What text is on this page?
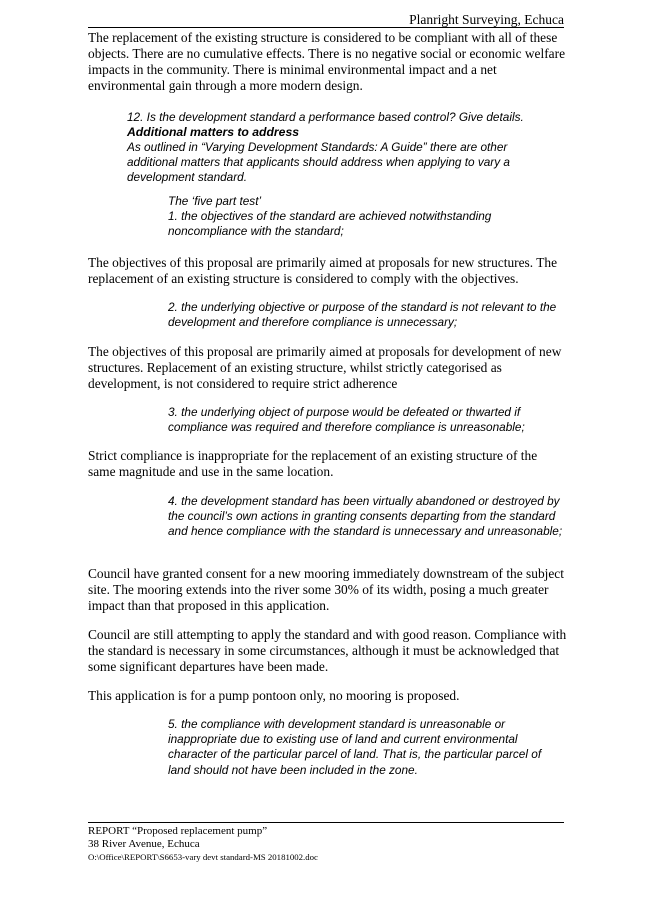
Planright Surveying, Echuca

The replacement of the existing structure is considered to be compliant with all of these objects. There are no cumulative effects. There is no negative social or economic welfare impacts in the community. There is minimal environmental impact and a net environmental gain through a more modern design.

12. Is the development standard a performance based control? Give details.

Additional matters to address

As outlined in “Varying Development Standards: A Guide” there are other additional matters that applicants should address when applying to vary a development standard.

The ‘five part test’

1. the objectives of the standard are achieved notwithstanding noncompliance with the standard;

The objectives of this proposal are primarily aimed at proposals for new structures. The replacement of an existing structure is considered to comply with the objectives.

2. the underlying objective or purpose of the standard is not relevant to the development and therefore compliance is unnecessary;

The objectives of this proposal are primarily aimed at proposals for development of new structures. Replacement of an existing structure, whilst strictly categorised as development, is not considered to require strict adherence

3. the underlying object of purpose would be defeated or thwarted if compliance was required and therefore compliance is unreasonable;

Strict compliance is inappropriate for the replacement of an existing structure of the same magnitude and use in the same location.

4. the development standard has been virtually abandoned or destroyed by the council’s own actions in granting consents departing from the standard and hence compliance with the standard is unnecessary and unreasonable;

Council have granted consent for a new mooring immediately downstream of the subject site. The mooring extends into the river some 30% of its width, posing a much greater impact than that proposed in this application.

Council are still attempting to apply the standard and with good reason. Compliance with the standard is necessary in some circumstances, although it must be acknowledged that some significant departures have been made.

This application is for a pump pontoon only, no mooring is proposed.

5. the compliance with development standard is unreasonable or inappropriate due to existing use of land and current environmental character of the particular parcel of land. That is, the particular parcel of land should not have been included in the zone.

REPORT “Proposed replacement pump”
38 River Avenue, Echuca
O:\Office\REPORT\S6653-vary devt standard-MS 20181002.doc
